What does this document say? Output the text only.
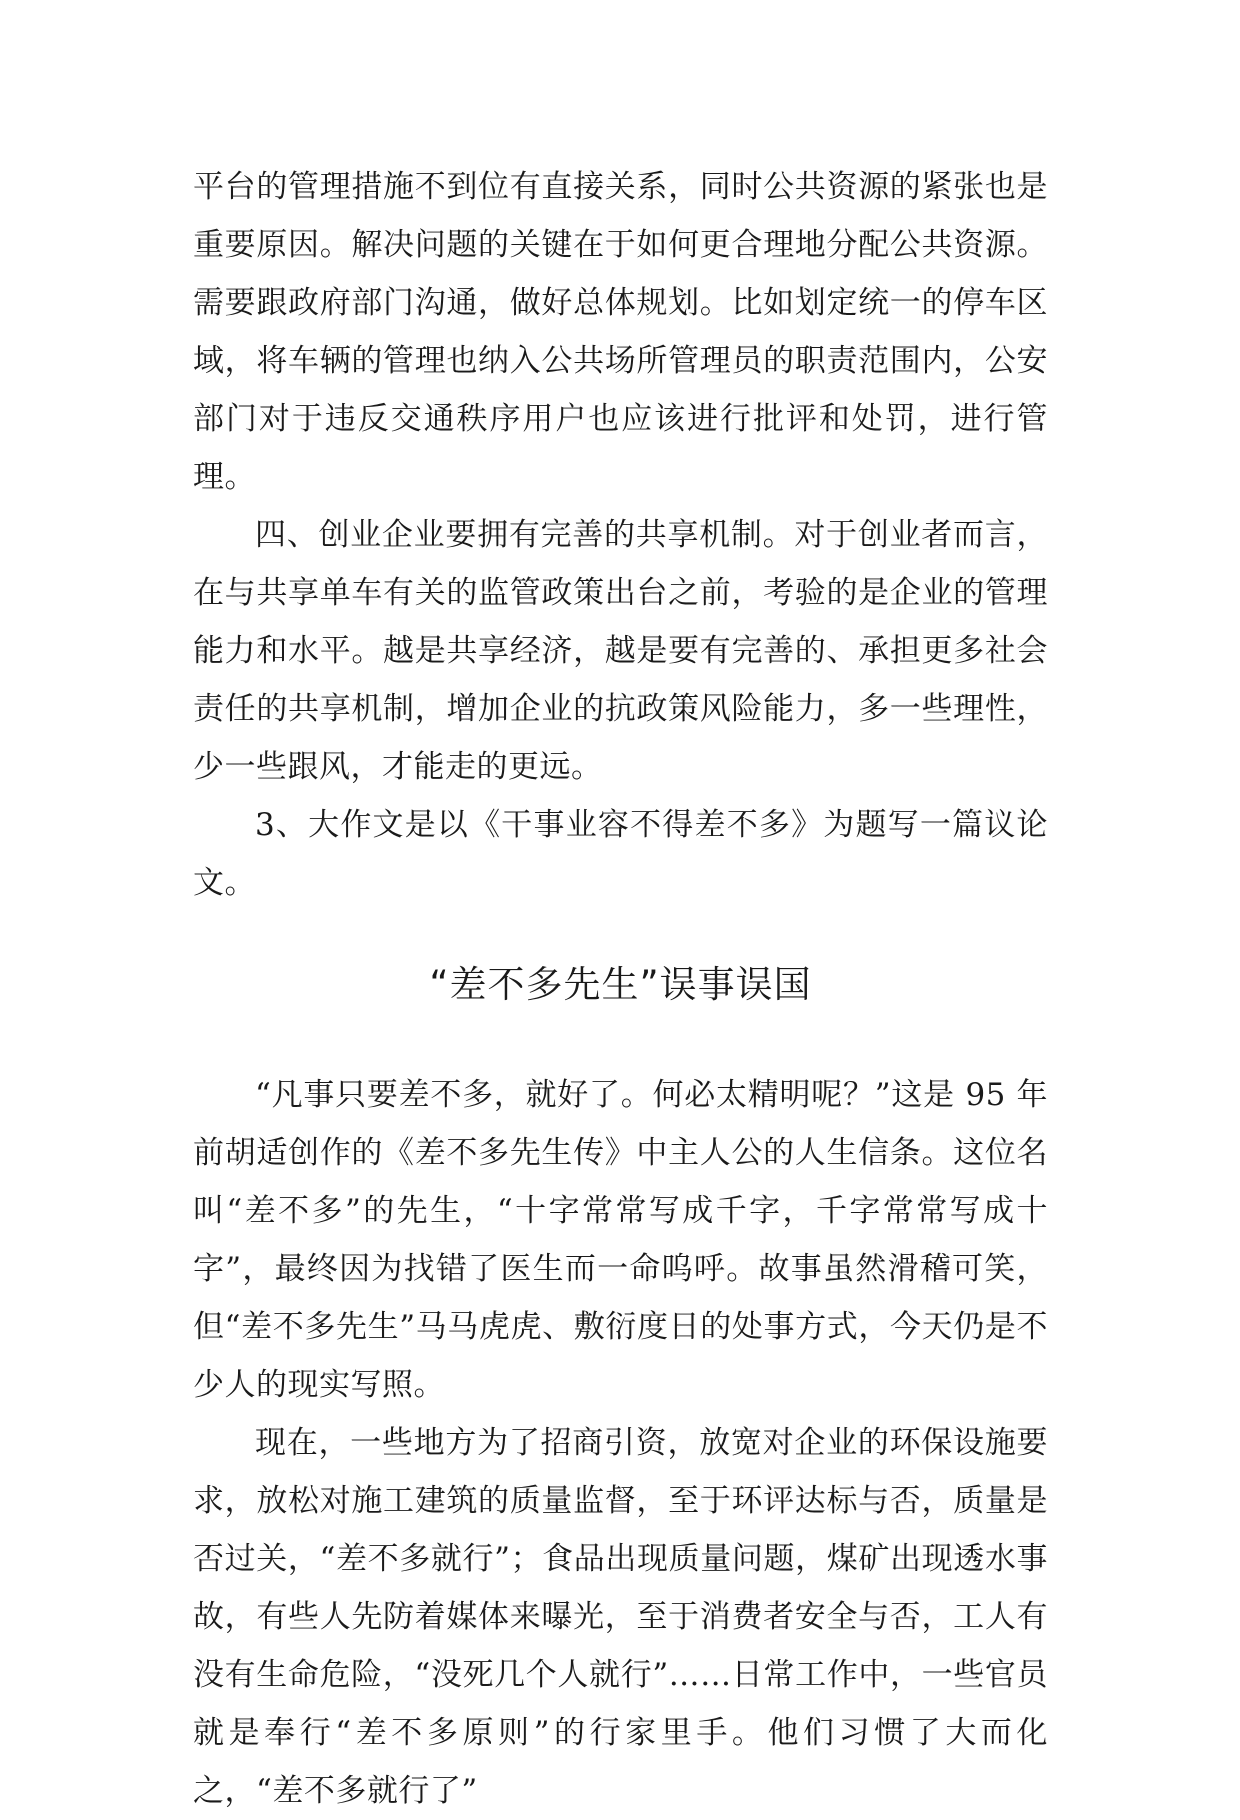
平台的管理措施不到位有直接关系，同时公共资源的紧张也是重要原因。解决问题的关键在于如何更合理地分配公共资源。需要跟政府部门沟通，做好总体规划。比如划定统一的停车区域，将车辆的管理也纳入公共场所管理员的职责范围内，公安部门对于违反交通秩序用户也应该进行批评和处罚，进行管理。

四、创业企业要拥有完善的共享机制。对于创业者而言，在与共享单车有关的监管政策出台之前，考验的是企业的管理能力和水平。越是共享经济，越是要有完善的、承担更多社会责任的共享机制，增加企业的抗政策风险能力，多一些理性，少一些跟风，才能走的更远。

3、大作文是以《干事业容不得差不多》为题写一篇议论文。

“差不多先生”误事误国

“凡事只要差不多，就好了。何必太精明呢？”这是 95 年前胡适创作的《差不多先生传》中主人公的人生信条。这位名叫“差不多”的先生，“十字常常写成千字，千字常常写成十字”，最终因为找错了医生而一命呜呼。故事虽然滑稽可笑，但“差不多先生”马马虎虎、敷衍度日的处事方式，今天仍是不少人的现实写照。

现在，一些地方为了招商引资，放宽对企业的环保设施要求，放松对施工建筑的质量监督，至于环评达标与否，质量是否过关，“差不多就行”；食品出现质量问题，煤矿出现透水事故，有些人先防着媒体来曝光，至于消费者安全与否，工人有没有生命危险，“没死几个人就行”……日常工作中，一些官员就是奉行“差不多原则”的行家里手。他们习惯了大而化之，“差不多就行了”
